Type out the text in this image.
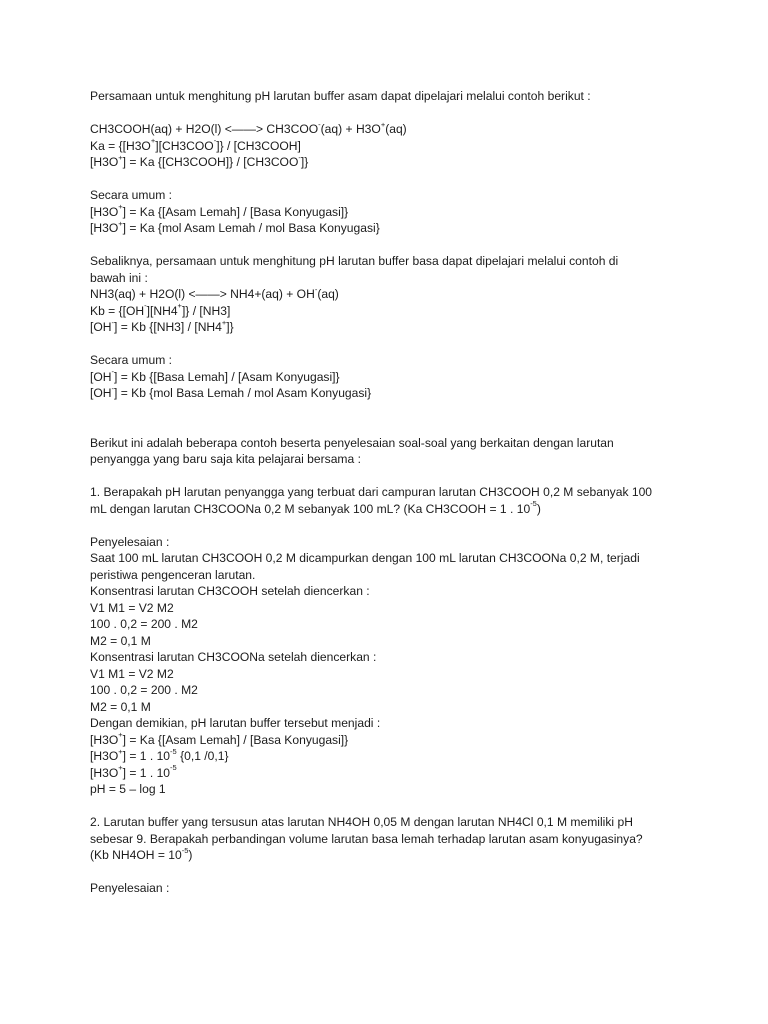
Persamaan untuk menghitung pH larutan buffer asam dapat dipelajari melalui contoh berikut :
CH3COOH(aq) + H2O(l) <——> CH3COO-(aq) + H3O+(aq)
Ka = {[H3O+][CH3COO-]} / [CH3COOH]
[H3O+] = Ka {[CH3COOH]} / [CH3COO-]}
Secara umum :
[H3O+] = Ka {[Asam Lemah] / [Basa Konyugasi]}
[H3O+] = Ka {mol Asam Lemah / mol Basa Konyugasi}
Sebaliknya, persamaan untuk menghitung pH larutan buffer basa dapat dipelajari melalui contoh di
bawah ini :
NH3(aq) + H2O(l) <——> NH4+(aq) + OH-(aq)
Kb = {[OH-][NH4+]} / [NH3]
[OH-] = Kb {[NH3] / [NH4+]}
Secara umum :
[OH-] = Kb {[Basa Lemah] / [Asam Konyugasi]}
[OH-] = Kb {mol Basa Lemah / mol Asam Konyugasi}
Berikut ini adalah beberapa contoh beserta penyelesaian soal-soal yang berkaitan dengan larutan
penyangga yang baru saja kita pelajarai bersama :
1. Berapakah pH larutan penyangga yang terbuat dari campuran larutan CH3COOH 0,2 M sebanyak 100
mL dengan larutan CH3COONa 0,2 M sebanyak 100 mL? (Ka CH3COOH = 1 . $10^{-5}$)
Penyelesaian :
Saat 100 mL larutan CH3COOH 0,2 M dicampurkan dengan 100 mL larutan CH3COONa 0,2 M, terjadi
peristiwa pengenceran larutan.
Konsentrasi larutan CH3COOH setelah diencerkan :
V1 M1 = V2 M2
100 . 0,2 = 200 . M2
M2 = 0,1 M
Konsentrasi larutan CH3COONa setelah diencerkan :
V1 M1 = V2 M2
100 . 0,2 = 200 . M2
M2 = 0,1 M
Dengan demikian, pH larutan buffer tersebut menjadi :
[H3O+] = Ka {[Asam Lemah] / [Basa Konyugasi]}
[H3O+] = 1 . $10^{-5}$ {0,1 /0,1}
[H3O+] = 1 . $10^{-5}$
pH = 5 – log 1
2. Larutan buffer yang tersusun atas larutan NH4OH 0,05 M dengan larutan NH4Cl 0,1 M memiliki pH
sebesar 9. Berapakah perbandingan volume larutan basa lemah terhadap larutan asam konyugasinya?
(Kb $NH4OH = 10^{-5}$)
Penyelesaian :
